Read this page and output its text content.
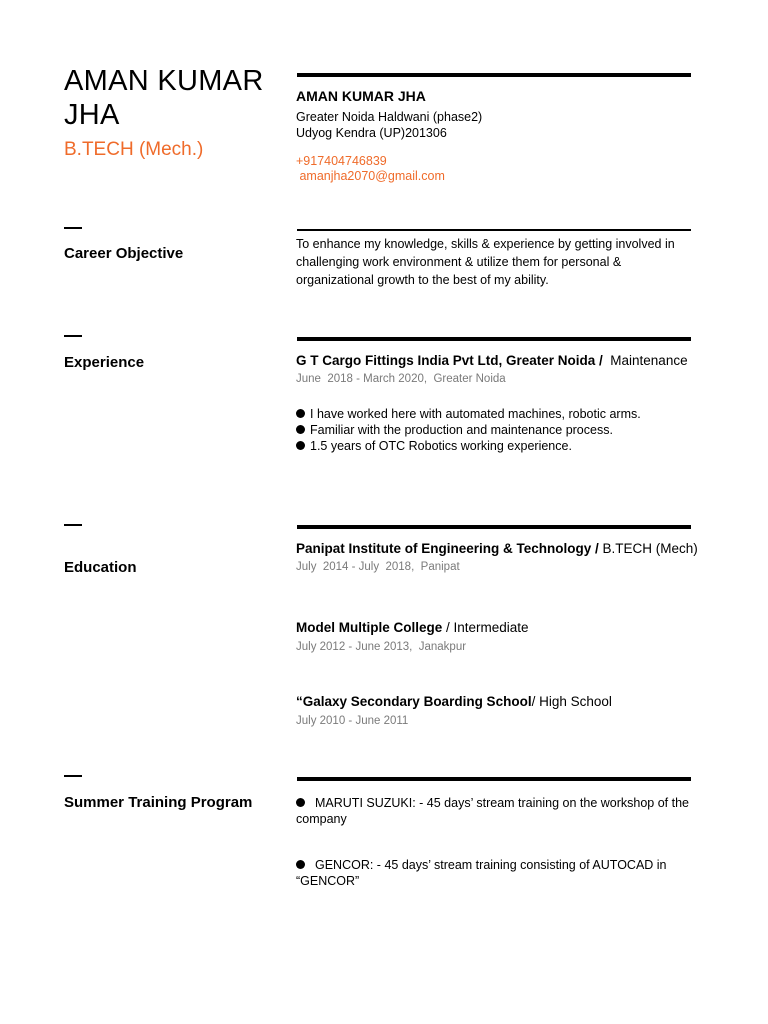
AMAN KUMAR JHA
B.TECH (Mech.)
AMAN KUMAR JHA
Greater Noida Haldwani (phase2)
Udyog Kendra (UP)201306
+917404746839
amanjha2070@gmail.com
Career Objective
To enhance my knowledge, skills & experience by getting involved in challenging work environment & utilize them for personal & organizational growth to the best of my ability.
Experience	G T Cargo Fittings India Pvt Ltd, Greater Noida /  Maintenance
June  2018 - March 2020,  Greater Noida
I have worked here with automated machines, robotic arms.
Familiar with the production and maintenance process.
1.5 years of OTC Robotics working experience.
Education
Panipat Institute of Engineering & Technology / B.TECH (Mech)
July  2014 - July  2018,  Panipat
Model Multiple College / Intermediate
July 2012 - June 2013,  Janakpur
“Galaxy Secondary Boarding School/ High School
July 2010 - June 2011
Summer Training Program	MARUTI SUZUKI: - 45 days’ stream training on the workshop of the
company
GENCOR: - 45 days’ stream training consisting of AUTOCAD in
“GENCOR”
